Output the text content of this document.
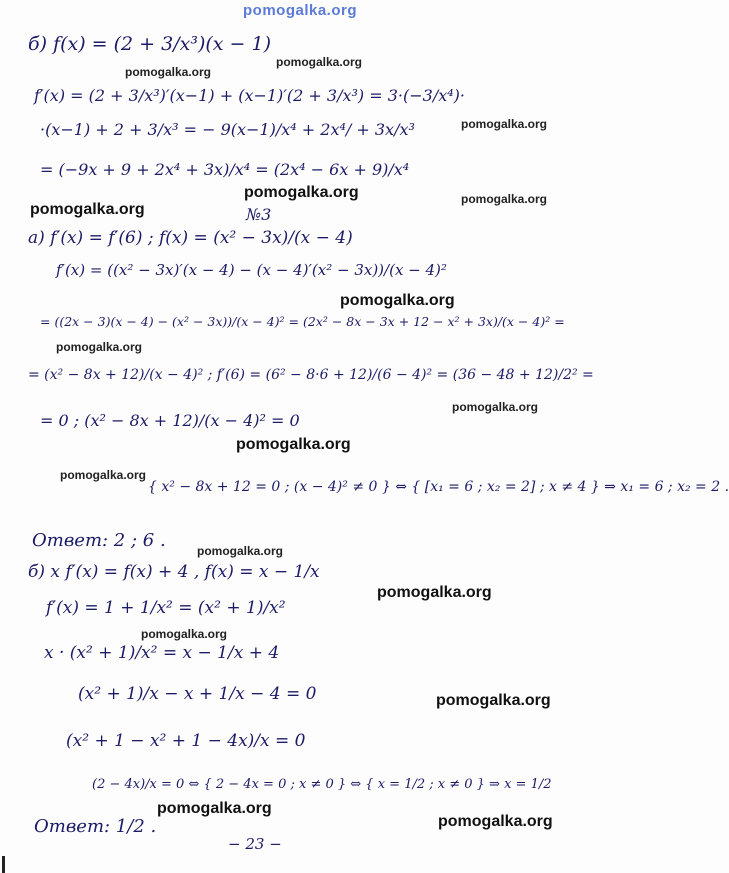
pomogalka.org
pomogalka.org
pomogalka.org
pomogalka.org
pomogalka.org	pomogalka.org
pomogalka.org
pomogalka.org
pomogalka.org
pomogalka.org
pomogalka.org
pomogalka.org
pomogalka.org
pomogalka.org
pomogalka.org
pomogalka.org
pomogalka.org
pomogalka.org
б) f(x) = (2 + 3/x³)(x − 1)
f′(x) = (2 + 3/x³)′(x−1) + (x−1)′(2 + 3/x³) = 3·(−3/x⁴)·
·(x−1) + 2 + 3/x³ = − 9(x−1)/x⁴ + 2x⁴/ + 3x/x³
= (−9x + 9 + 2x⁴ + 3x)/x⁴ = (2x⁴ − 6x + 9)/x⁴
№3
а) f′(x) = f′(6) ; f(x) = (x² − 3x)/(x − 4)
f′(x) = ((x² − 3x)′(x − 4) − (x − 4)′(x² − 3x))/(x − 4)²
= ((2x − 3)(x − 4) − (x² − 3x))/(x − 4)² = (2x² − 8x − 3x + 12 − x² + 3x)/(x − 4)² =
= (x² − 8x + 12)/(x − 4)² ; f′(6) = (6² − 8·6 + 12)/(6 − 4)² = (36 − 48 + 12)/2² =
= 0 ; (x² − 8x + 12)/(x − 4)² = 0
{ x² − 8x + 12 = 0 ; (x − 4)² ≠ 0 } ⇔ { [x₁ = 6 ; x₂ = 2] ; x ≠ 4 } ⇒ x₁ = 6 ; x₂ = 2 .
Ответ: 2 ; 6 .
б) x f′(x) = f(x) + 4 , f(x) = x − 1/x
f′(x) = 1 + 1/x² = (x² + 1)/x²
x · (x² + 1)/x² = x − 1/x + 4
(x² + 1)/x − x + 1/x − 4 = 0
(x² + 1 − x² + 1 − 4x)/x = 0
(2 − 4x)/x = 0 ⇔ { 2 − 4x = 0 ; x ≠ 0 } ⇔ { x = 1/2 ; x ≠ 0 } ⇒ x = 1/2
Ответ: 1/2 .
− 23 −
